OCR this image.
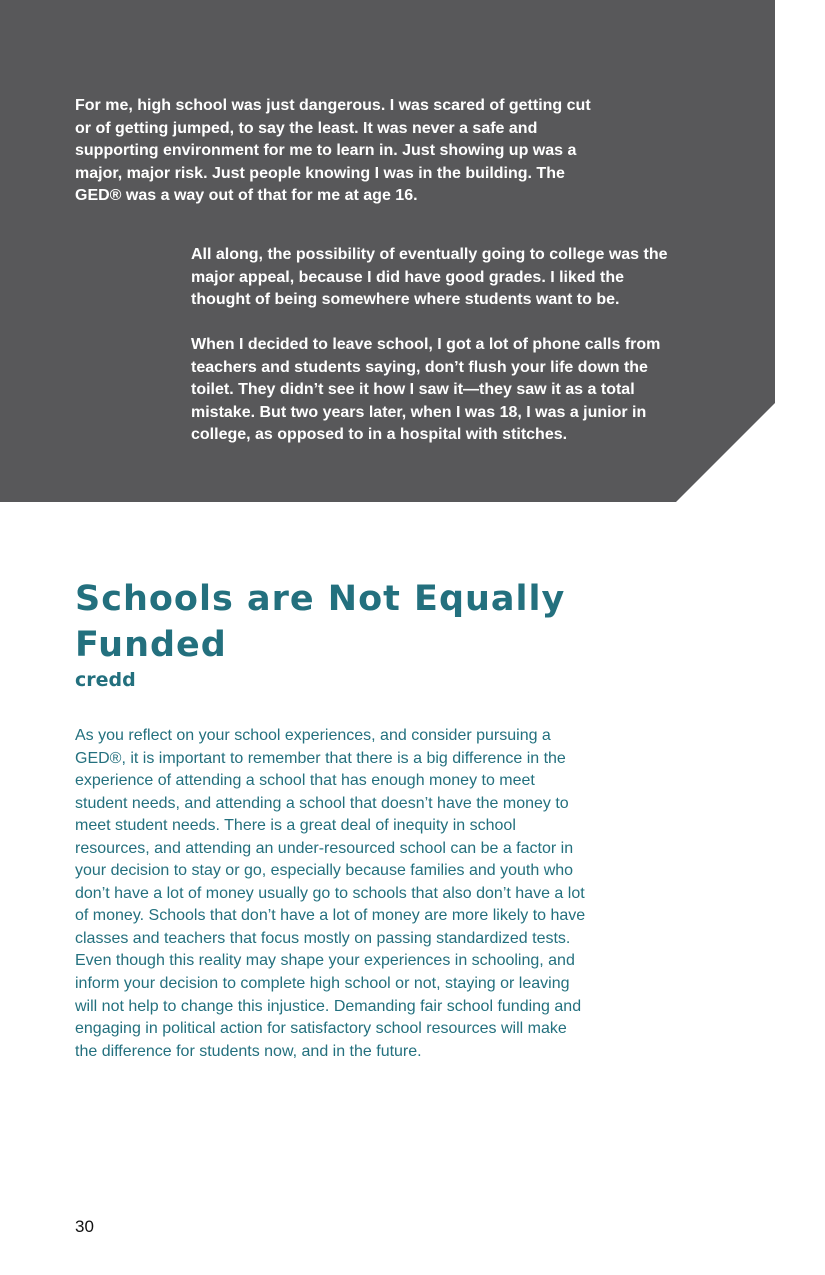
For me, high school was just dangerous. I was scared of getting cut or of getting jumped, to say the least. It was never a safe and supporting environment for me to learn in. Just showing up was a major, major risk. Just people knowing I was in the building. The GED® was a way out of that for me at age 16.

All along, the possibility of eventually going to college was the major appeal, because I did have good grades. I liked the thought of being somewhere where students want to be.

When I decided to leave school, I got a lot of phone calls from teachers and students saying, don’t flush your life down the toilet. They didn’t see it how I saw it—they saw it as a total mistake. But two years later, when I was 18, I was a junior in college, as opposed to in a hospital with stitches.

Schools are Not Equally Funded

credd

As you reflect on your school experiences, and consider pursuing a GED®, it is important to remember that there is a big difference in the experience of attending a school that has enough money to meet student needs, and attending a school that doesn’t have the money to meet student needs. There is a great deal of inequity in school resources, and attending an under-resourced school can be a factor in your decision to stay or go, especially because families and youth who don’t have a lot of money usually go to schools that also don’t have a lot of money. Schools that don’t have a lot of money are more likely to have classes and teachers that focus mostly on passing standardized tests. Even though this reality may shape your experiences in schooling, and inform your decision to complete high school or not, staying or leaving will not help to change this injustice. Demanding fair school funding and engaging in political action for satisfactory school resources will make the difference for students now, and in the future.

30
